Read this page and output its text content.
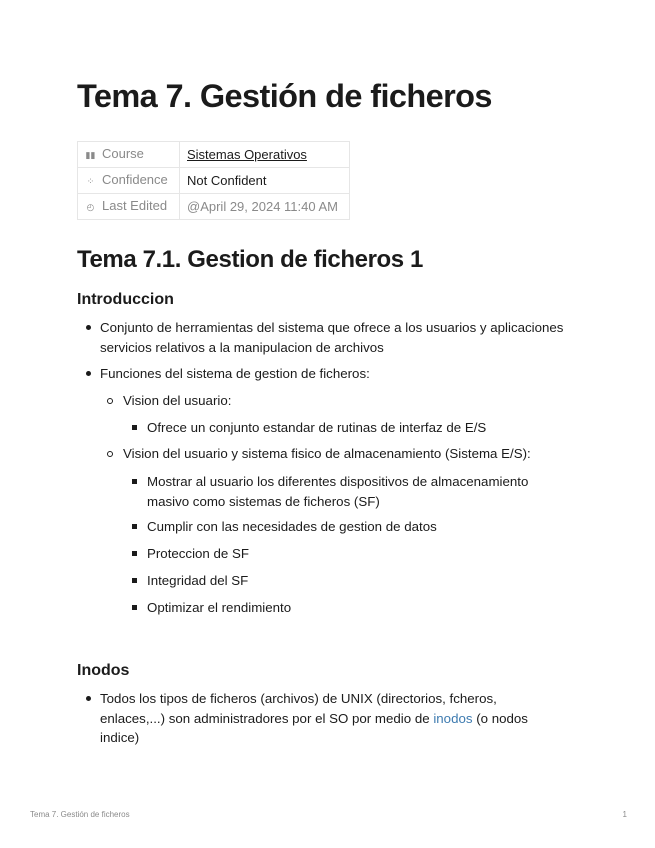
Tema 7. Gestión de ficheros
▮▮ Course	Sistemas Operativos
⁘ Confidence	Not Confident
◴ Last Edited	@April 29, 2024 11:40 AM
Tema 7.1. Gestion de ficheros 1
Introduccion
Conjunto de herramientas del sistema que ofrece a los usuarios y aplicaciones servicios relativos a la manipulacion de archivos
Funciones del sistema de gestion de ficheros:
Vision del usuario:
Ofrece un conjunto estandar de rutinas de interfaz de E/S
Vision del usuario y sistema fisico de almacenamiento (Sistema E/S):
Mostrar al usuario los diferentes dispositivos de almacenamiento masivo como sistemas de ficheros (SF)
Cumplir con las necesidades de gestion de datos
Proteccion de SF
Integridad del SF
Optimizar el rendimiento
Inodos
Todos los tipos de ficheros (archivos) de UNIX (directorios, fcheros, enlaces,...) son administradores por el SO por medio de inodos (o nodos indice)
Tema 7. Gestión de ficheros	1
